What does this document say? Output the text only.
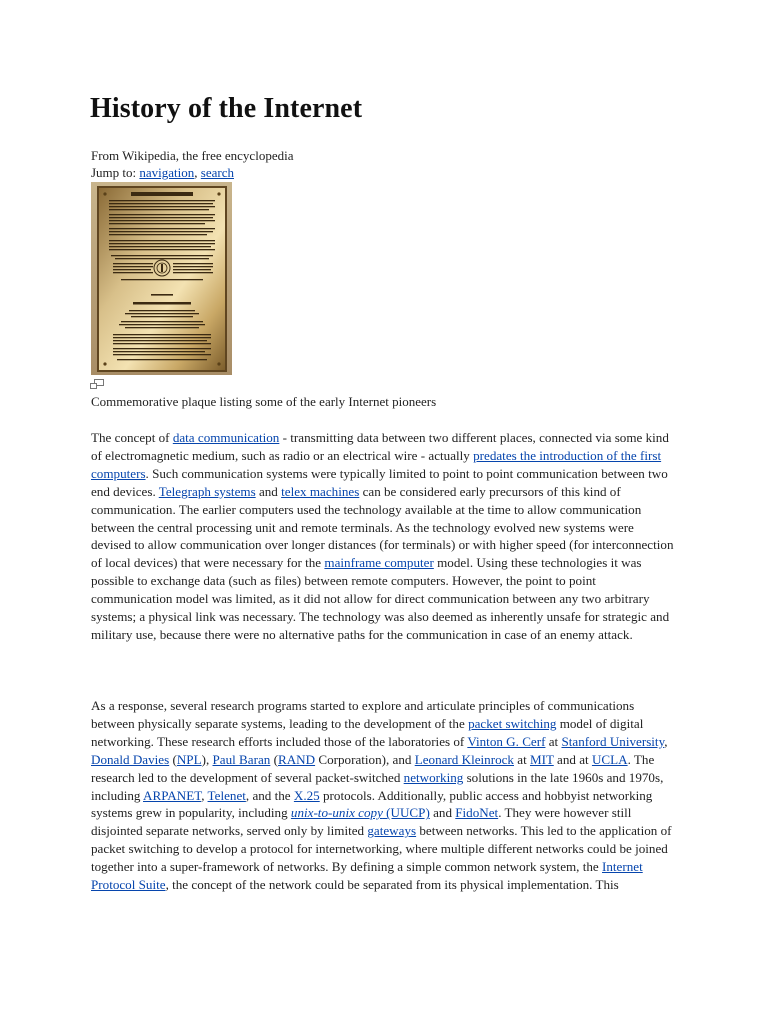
History of the Internet
From Wikipedia, the free encyclopedia
Jump to: navigation, search
Commemorative plaque listing some of the early Internet pioneers

The concept of data communication - transmitting data between two different places, connected via some kind of electromagnetic medium, such as radio or an electrical wire - actually predates the introduction of the first computers. Such communication systems were typically limited to point to point communication between two end devices. Telegraph systems and telex machines can be considered early precursors of this kind of communication. The earlier computers used the technology available at the time to allow communication between the central processing unit and remote terminals. As the technology evolved new systems were devised to allow communication over longer distances (for terminals) or with higher speed (for interconnection of local devices) that were necessary for the mainframe computer model. Using these technologies it was possible to exchange data (such as files) between remote computers. However, the point to point communication model was limited, as it did not allow for direct communication between any two arbitrary systems; a physical link was necessary. The technology was also deemed as inherently unsafe for strategic and military use, because there were no alternative paths for the communication in case of an enemy attack.

As a response, several research programs started to explore and articulate principles of communications between physically separate systems, leading to the development of the packet switching model of digital networking. These research efforts included those of the laboratories of Vinton G. Cerf at Stanford University, Donald Davies (NPL), Paul Baran (RAND Corporation), and Leonard Kleinrock at MIT and at UCLA. The research led to the development of several packet-switched networking solutions in the late 1960s and 1970s, including ARPANET, Telenet, and the X.25 protocols. Additionally, public access and hobbyist networking systems grew in popularity, including unix-to-unix copy (UUCP) and FidoNet. They were however still disjointed separate networks, served only by limited gateways between networks. This led to the application of packet switching to develop a protocol for internetworking, where multiple different networks could be joined together into a super-framework of networks. By defining a simple common network system, the Internet Protocol Suite, the concept of the network could be separated from its physical implementation. This
